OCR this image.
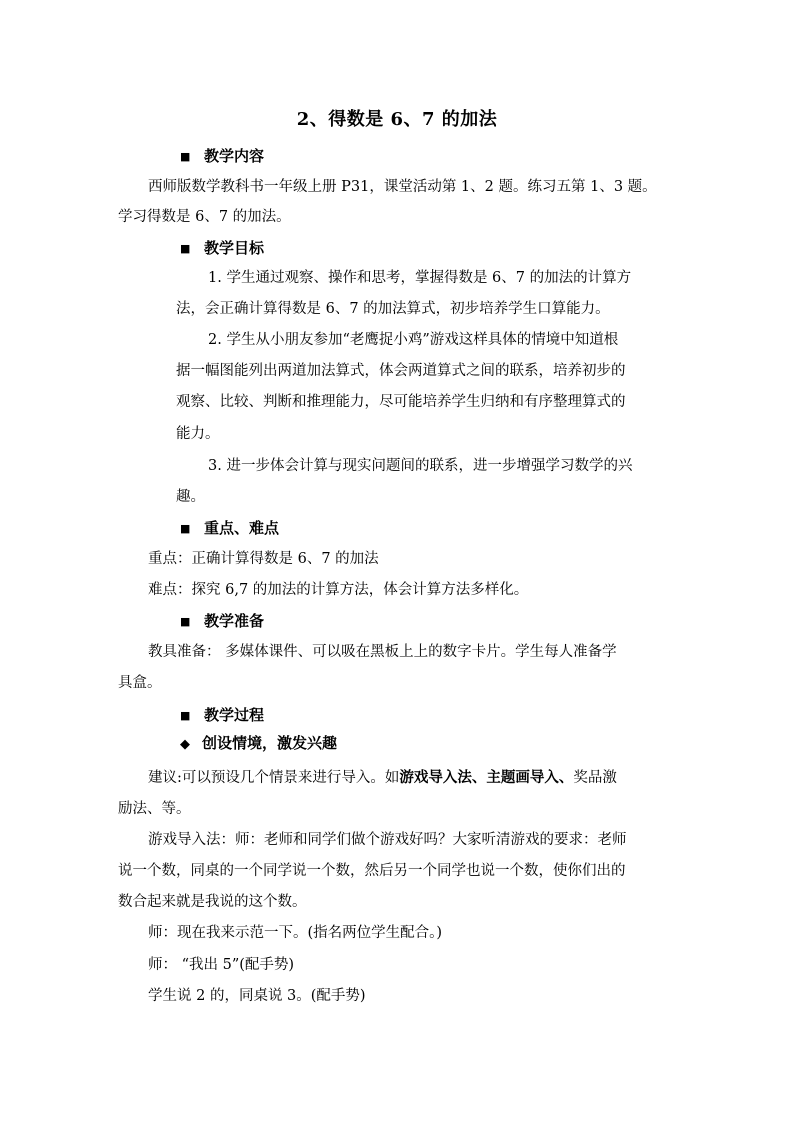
2、得数是 6、7 的加法
■ 教学内容
西师版数学教科书一年级上册 P31，课堂活动第 1、2 题。练习五第 1、3 题。
学习得数是 6、7 的加法。
■ 教学目标
1. 学生通过观察、操作和思考，掌握得数是 6、7 的加法的计算方
法，会正确计算得数是 6、7 的加法算式，初步培养学生口算能力。
2. 学生从小朋友参加“老鹰捉小鸡”游戏这样具体的情境中知道根
据一幅图能列出两道加法算式，体会两道算式之间的联系，培养初步的
观察、比较、判断和推理能力，尽可能培养学生归纳和有序整理算式的
能力。
3. 进一步体会计算与现实问题间的联系，进一步增强学习数学的兴
趣。
■ 重点、难点
重点：正确计算得数是 6、7 的加法
难点：探究 6,7 的加法的计算方法，体会计算方法多样化。
■ 教学准备
教具准备： 多媒体课件、可以吸在黑板上上的数字卡片。学生每人准备学
具盒。
■ 教学过程
◆ 创设情境，激发兴趣
建议:可以预设几个情景来进行导入。如游戏导入法、主题画导入、奖品激
励法、等。
游戏导入法：师：老师和同学们做个游戏好吗？大家听清游戏的要求：老师
说一个数，同桌的一个同学说一个数，然后另一个同学也说一个数，使你们出的
数合起来就是我说的这个数。
师：现在我来示范一下。(指名两位学生配合。)
师： “我出 5”(配手势)
学生说 2 的，同桌说 3。(配手势)
